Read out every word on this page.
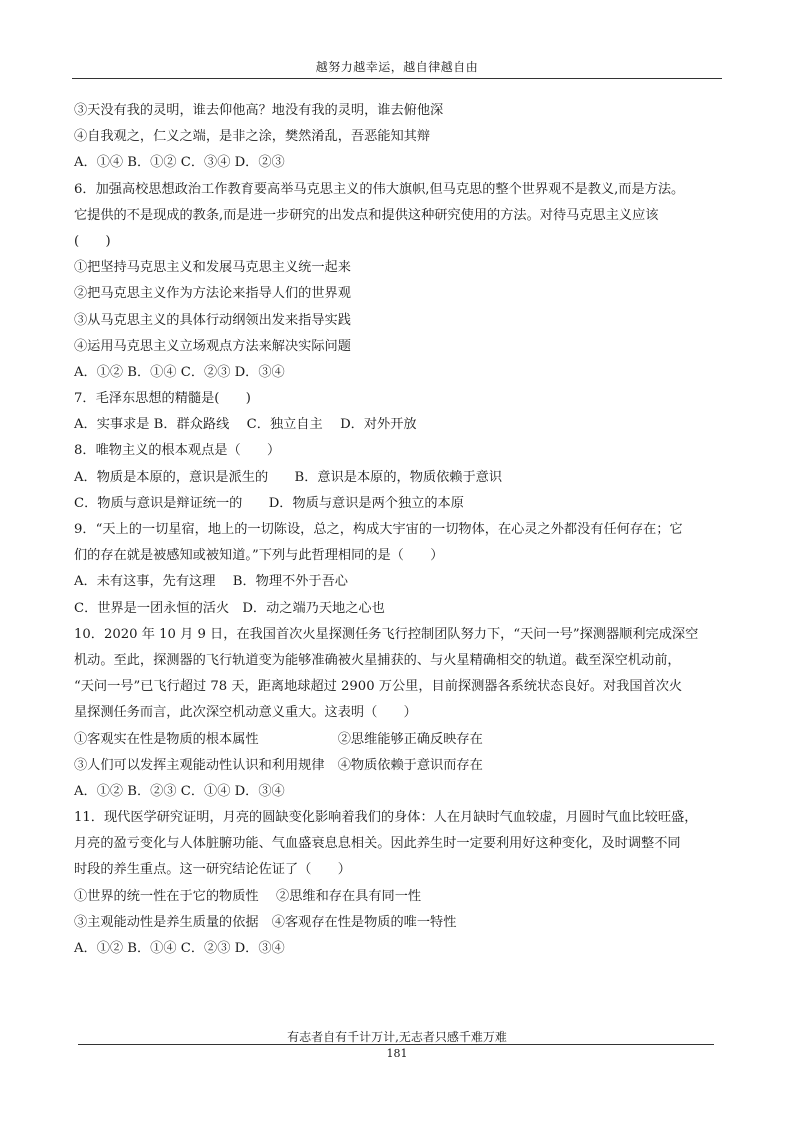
越努力越幸运，越自律越自由
③天没有我的灵明，谁去仰他高？地没有我的灵明，谁去俯他深
④自我观之，仁义之端，是非之涂，樊然淆乱，吾恶能知其辩
A．①④ B．①② C．③④ D．②③
6．加强高校思想政治工作教育要高举马克思主义的伟大旗帜,但马克思的整个世界观不是教义,而是方法。
它提供的不是现成的教条,而是进一步研究的出发点和提供这种研究使用的方法。对待马克思主义应该
(　　)
①把坚持马克思主义和发展马克思主义统一起来
②把马克思主义作为方法论来指导人们的世界观
③从马克思主义的具体行动纲领出发来指导实践
④运用马克思主义立场观点方法来解决实际问题
A．①② B．①④ C．②③ D．③④
7．毛泽东思想的精髓是(　　)
A．实事求是 B．群众路线　 C．独立自主　 D．对外开放
8．唯物主义的根本观点是（　　）
A．物质是本原的，意识是派生的　　B．意识是本原的，物质依赖于意识
C．物质与意识是辩证统一的　　D．物质与意识是两个独立的本原
9．“天上的一切星宿，地上的一切陈设，总之，构成大宇宙的一切物体，在心灵之外都没有任何存在；它
们的存在就是被感知或被知道。”下列与此哲理相同的是（　　）
A．未有这事，先有这理　 B．物理不外于吾心
C．世界是一团永恒的活火　D．动之端乃天地之心也
10．2020 年 10 月 9 日，在我国首次火星探测任务飞行控制团队努力下，“天问一号”探测器顺利完成深空
机动。至此，探测器的飞行轨道变为能够准确被火星捕获的、与火星精确相交的轨道。截至深空机动前，
“天问一号”已飞行超过 78 天，距离地球超过 2900 万公里，目前探测器各系统状态良好。对我国首次火
星探测任务而言，此次深空机动意义重大。这表明（　　）
①客观实在性是物质的根本属性　　　　　　②思维能够正确反映存在
③人们可以发挥主观能动性认识和利用规律　④物质依赖于意识而存在
A．①② B．②③ C．①④ D．③④
11．现代医学研究证明，月亮的圆缺变化影响着我们的身体：人在月缺时气血较虚，月圆时气血比较旺盛，
月亮的盈亏变化与人体脏腑功能、气血盛衰息息相关。因此养生时一定要利用好这种变化，及时调整不同
时段的养生重点。这一研究结论佐证了（　　）
①世界的统一性在于它的物质性　 ②思维和存在具有同一性
③主观能动性是养生质量的依据　④客观存在性是物质的唯一特性
A．①② B．①④ C．②③ D．③④
有志者自有千计万计,无志者只感千难万难
181
